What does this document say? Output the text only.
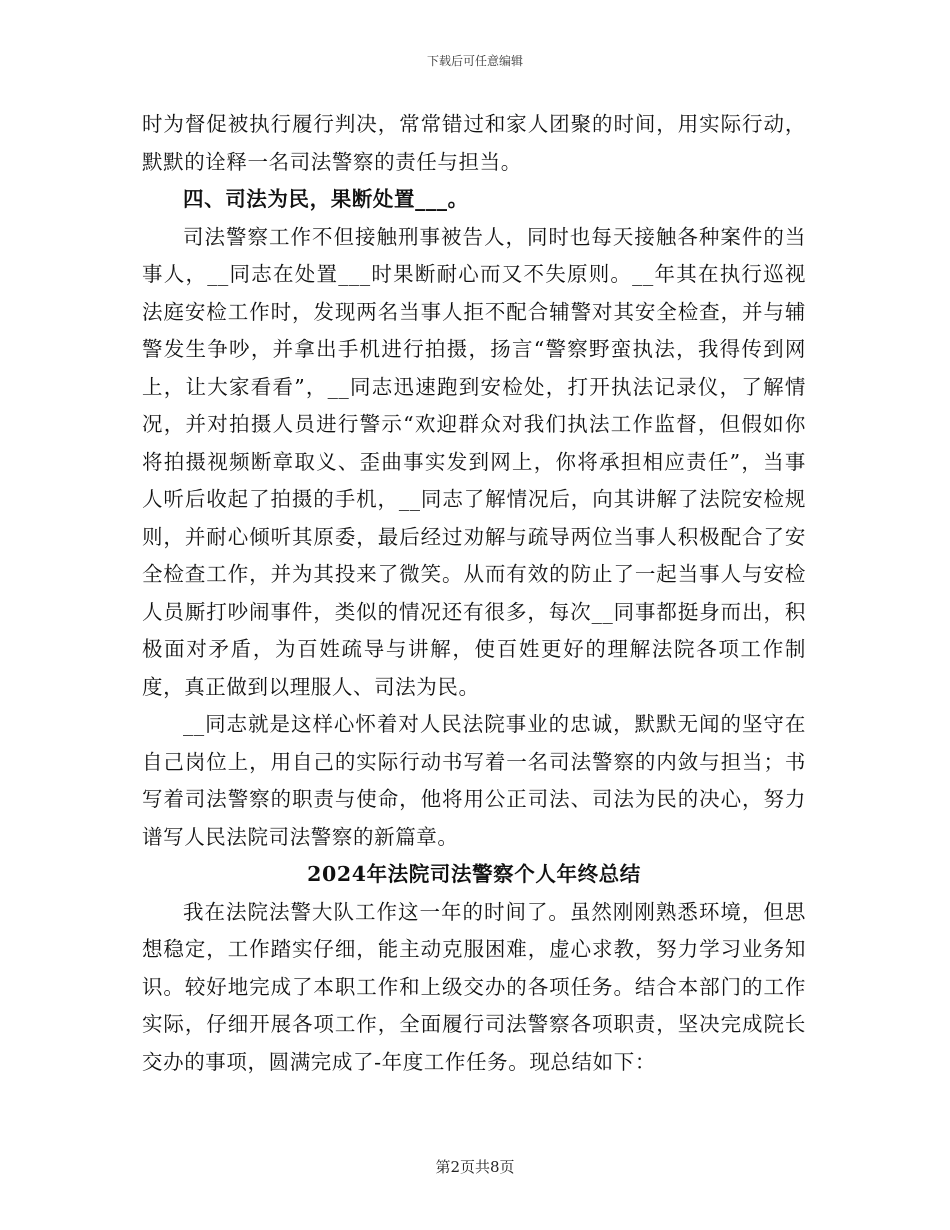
下载后可任意编辑

时为督促被执行履行判决，常常错过和家人团聚的时间，用实际行动，默默的诠释一名司法警察的责任与担当。

四、司法为民，果断处置___。

司法警察工作不但接触刑事被告人，同时也每天接触各种案件的当事人，__同志在处置___时果断耐心而又不失原则。__年其在执行巡视法庭安检工作时，发现两名当事人拒不配合辅警对其安全检查，并与辅警发生争吵，并拿出手机进行拍摄，扬言“警察野蛮执法，我得传到网上，让大家看看”，__同志迅速跑到安检处，打开执法记录仪，了解情况，并对拍摄人员进行警示“欢迎群众对我们执法工作监督，但假如你将拍摄视频断章取义、歪曲事实发到网上，你将承担相应责任”，当事人听后收起了拍摄的手机，__同志了解情况后，向其讲解了法院安检规则，并耐心倾听其原委，最后经过劝解与疏导两位当事人积极配合了安全检查工作，并为其投来了微笑。从而有效的防止了一起当事人与安检人员厮打吵闹事件，类似的情况还有很多，每次__同事都挺身而出，积极面对矛盾，为百姓疏导与讲解，使百姓更好的理解法院各项工作制度，真正做到以理服人、司法为民。

__同志就是这样心怀着对人民法院事业的忠诚，默默无闻的坚守在自己岗位上，用自己的实际行动书写着一名司法警察的内敛与担当；书写着司法警察的职责与使命，他将用公正司法、司法为民的决心，努力谱写人民法院司法警察的新篇章。

2024年法院司法警察个人年终总结

我在法院法警大队工作这一年的时间了。虽然刚刚熟悉环境，但思想稳定，工作踏实仔细，能主动克服困难，虚心求教，努力学习业务知识。较好地完成了本职工作和上级交办的各项任务。结合本部门的工作实际，仔细开展各项工作，全面履行司法警察各项职责，坚决完成院长交办的事项，圆满完成了-年度工作任务。现总结如下：

第2页共8页
